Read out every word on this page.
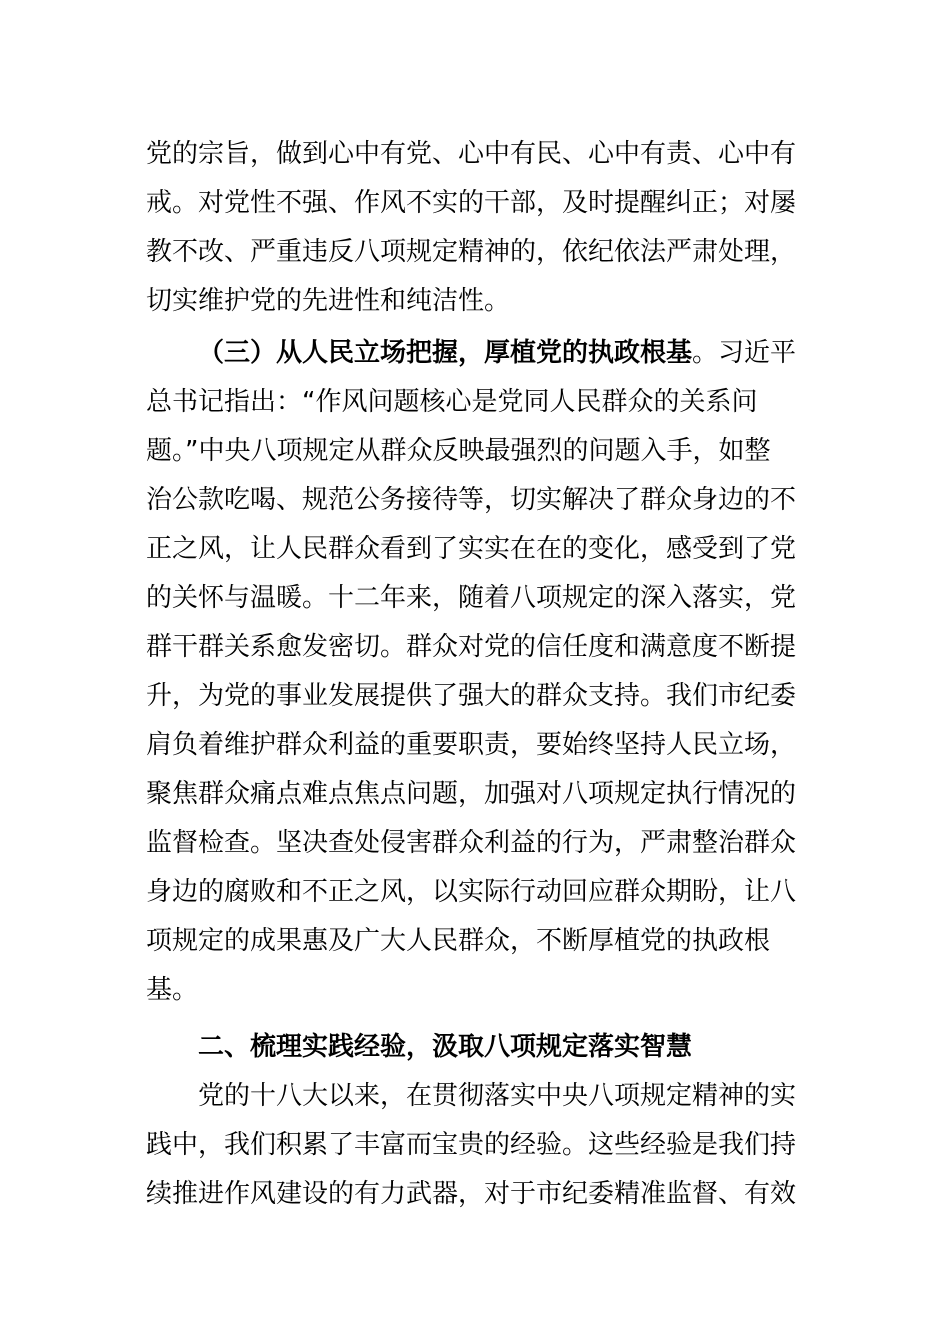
党的宗旨，做到心中有党、心中有民、心中有责、心中有
戒。对党性不强、作风不实的干部，及时提醒纠正；对屡
教不改、严重违反八项规定精神的，依纪依法严肃处理，
切实维护党的先进性和纯洁性。
（三）从人民立场把握，厚植党的执政根基。习近平
总书记指出：“作风问题核心是党同人民群众的关系问
题。”中央八项规定从群众反映最强烈的问题入手，如整
治公款吃喝、规范公务接待等，切实解决了群众身边的不
正之风，让人民群众看到了实实在在的变化，感受到了党
的关怀与温暖。十二年来，随着八项规定的深入落实，党
群干群关系愈发密切。群众对党的信任度和满意度不断提
升，为党的事业发展提供了强大的群众支持。我们市纪委
肩负着维护群众利益的重要职责，要始终坚持人民立场，
聚焦群众痛点难点焦点问题，加强对八项规定执行情况的
监督检查。坚决查处侵害群众利益的行为，严肃整治群众
身边的腐败和不正之风，以实际行动回应群众期盼，让八
项规定的成果惠及广大人民群众，不断厚植党的执政根
基。
二、梳理实践经验，汲取八项规定落实智慧
党的十八大以来，在贯彻落实中央八项规定精神的实
践中，我们积累了丰富而宝贵的经验。这些经验是我们持
续推进作风建设的有力武器，对于市纪委精准监督、有效
